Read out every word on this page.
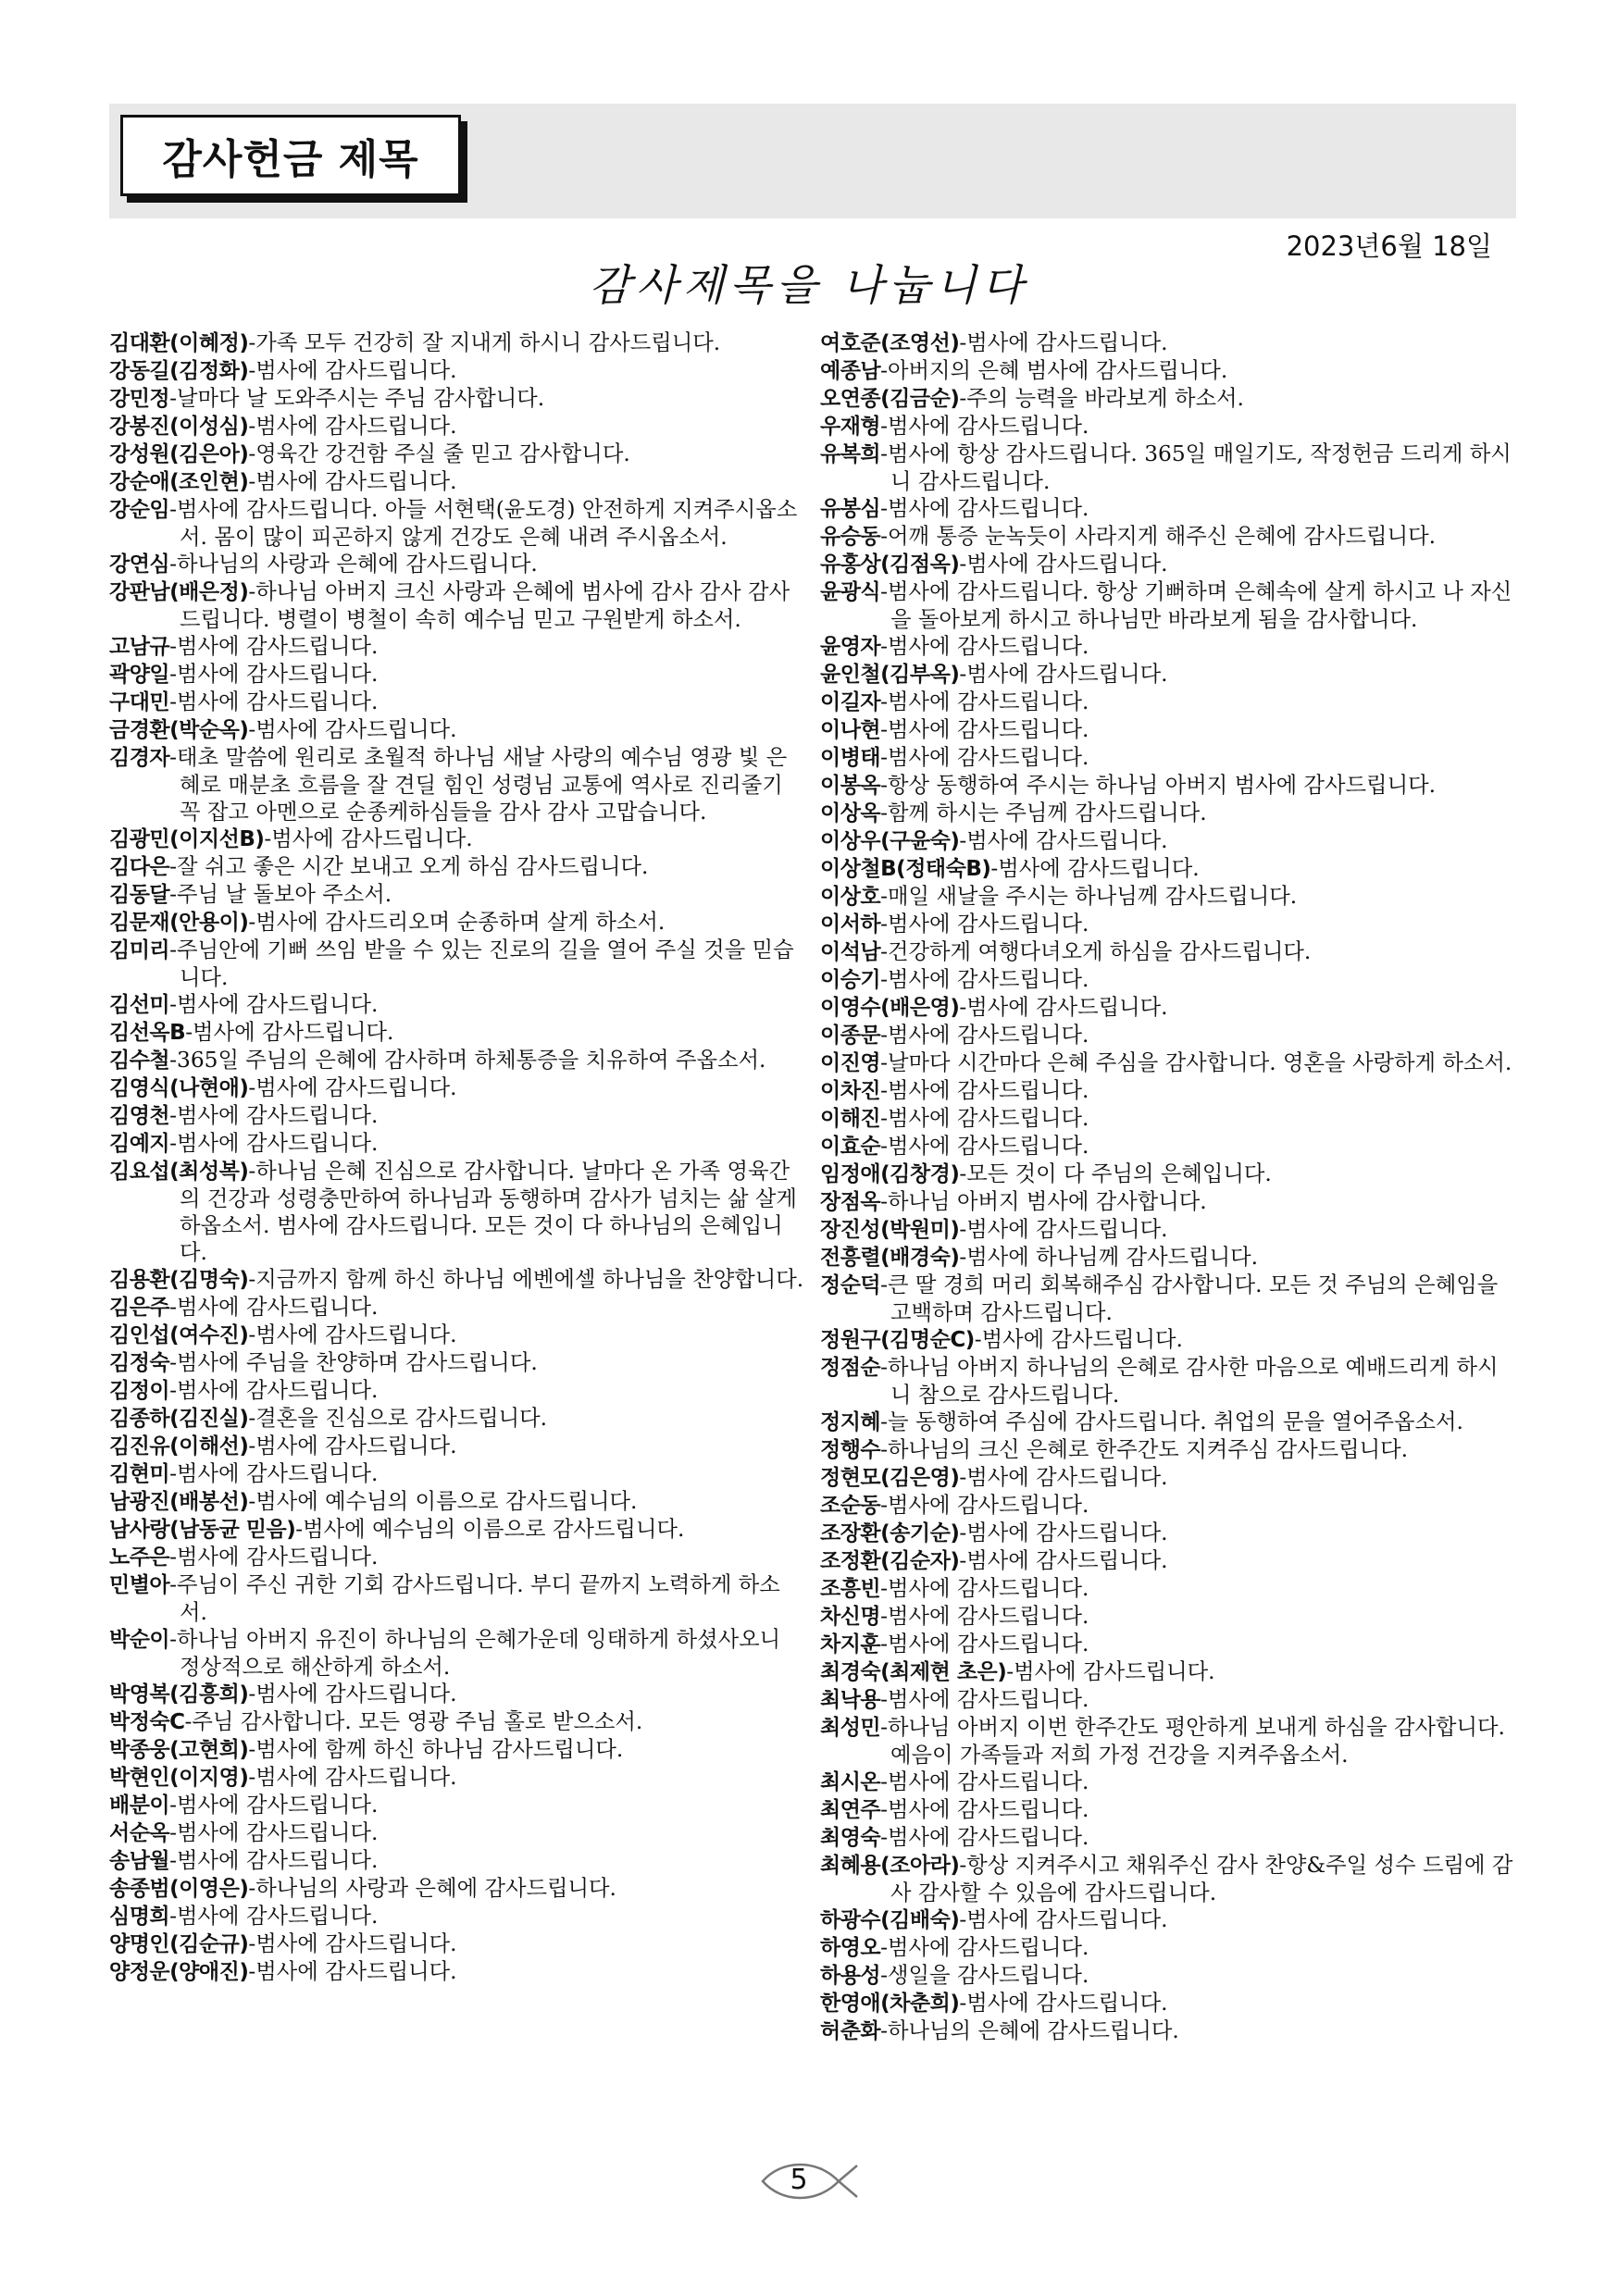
감사헌금 제목
2023년6월 18일
감사제목을 나눕니다
김대환(이혜정)-가족 모두 건강히 잘 지내게 하시니 감사드립니다.
강동길(김정화)-범사에 감사드립니다.
강민정-날마다 날 도와주시는 주님 감사합니다.
강봉진(이성심)-범사에 감사드립니다.
강성원(김은아)-영육간 강건함 주실 줄 믿고 감사합니다.
강순애(조인현)-범사에 감사드립니다.
강순임-범사에 감사드립니다. 아들 서현택(윤도경) 안전하게 지켜주시옵소서. 몸이 많이 피곤하지 않게 건강도 은혜 내려 주시옵소서.
강연심-하나님의 사랑과 은혜에 감사드립니다.
강판남(배은정)-하나님 아버지 크신 사랑과 은혜에 범사에 감사 감사 감사드립니다. 병렬이 병철이 속히 예수님 믿고 구원받게 하소서.
고남규-범사에 감사드립니다.
곽양일-범사에 감사드립니다.
구대민-범사에 감사드립니다.
금경환(박순옥)-범사에 감사드립니다.
김경자-태초 말씀에 원리로 초월적 하나님 새날 사랑의 예수님 영광 빛 은혜로 매분초 흐름을 잘 견딜 힘인 성령님 교통에 역사로 진리줄기 꼭 잡고 아멘으로 순종케하심들을 감사 감사 고맙습니다.
김광민(이지선B)-범사에 감사드립니다.
김다은-잘 쉬고 좋은 시간 보내고 오게 하심 감사드립니다.
김동달-주님 날 돌보아 주소서.
김문재(안용이)-범사에 감사드리오며 순종하며 살게 하소서.
김미리-주님안에 기뻐 쓰임 받을 수 있는 진로의 길을 열어 주실 것을 믿습니다.
김선미-범사에 감사드립니다.
김선옥B-범사에 감사드립니다.
김수철-365일 주님의 은혜에 감사하며 하체통증을 치유하여 주옵소서.
김영식(나현애)-범사에 감사드립니다.
김영천-범사에 감사드립니다.
김예지-범사에 감사드립니다.
김요섭(최성복)-하나님 은혜 진심으로 감사합니다. 날마다 온 가족 영육간의 건강과 성령충만하여 하나님과 동행하며 감사가 넘치는 삶 살게 하옵소서. 범사에 감사드립니다. 모든 것이 다 하나님의 은혜입니다.
김용환(김명숙)-지금까지 함께 하신 하나님 에벤에셀 하나님을 찬양합니다.
김은주-범사에 감사드립니다.
김인섭(여수진)-범사에 감사드립니다.
김정숙-범사에 주님을 찬양하며 감사드립니다.
김정이-범사에 감사드립니다.
김종하(김진실)-결혼을 진심으로 감사드립니다.
김진유(이해선)-범사에 감사드립니다.
김현미-범사에 감사드립니다.
남광진(배봉선)-범사에 예수님의 이름으로 감사드립니다.
남사랑(남동균 믿음)-범사에 예수님의 이름으로 감사드립니다.
노주은-범사에 감사드립니다.
민별아-주님이 주신 귀한 기회 감사드립니다. 부디 끝까지 노력하게 하소서.
박순이-하나님 아버지 유진이 하나님의 은혜가운데 잉태하게 하셨사오니 정상적으로 해산하게 하소서.
박영복(김흥희)-범사에 감사드립니다.
박정숙C-주님 감사합니다. 모든 영광 주님 홀로 받으소서.
박종웅(고현희)-범사에 함께 하신 하나님 감사드립니다.
박현인(이지영)-범사에 감사드립니다.
배분이-범사에 감사드립니다.
서순옥-범사에 감사드립니다.
송남월-범사에 감사드립니다.
송종범(이영은)-하나님의 사랑과 은혜에 감사드립니다.
심명희-범사에 감사드립니다.
양명인(김순규)-범사에 감사드립니다.
양정운(양애진)-범사에 감사드립니다.
여호준(조영선)-범사에 감사드립니다.
예종남-아버지의 은혜 범사에 감사드립니다.
오연종(김금순)-주의 능력을 바라보게 하소서.
우재형-범사에 감사드립니다.
유복희-범사에 항상 감사드립니다. 365일 매일기도, 작정헌금 드리게 하시니 감사드립니다.
유봉심-범사에 감사드립니다.
유승동-어깨 통증 눈녹듯이 사라지게 해주신 은혜에 감사드립니다.
유홍상(김점옥)-범사에 감사드립니다.
윤광식-범사에 감사드립니다. 항상 기뻐하며 은혜속에 살게 하시고 나 자신을 돌아보게 하시고 하나님만 바라보게 됨을 감사합니다.
윤영자-범사에 감사드립니다.
윤인철(김부옥)-범사에 감사드립니다.
이길자-범사에 감사드립니다.
이나현-범사에 감사드립니다.
이병태-범사에 감사드립니다.
이봉옥-항상 동행하여 주시는 하나님 아버지 범사에 감사드립니다.
이상옥-함께 하시는 주님께 감사드립니다.
이상우(구윤숙)-범사에 감사드립니다.
이상철B(정태숙B)-범사에 감사드립니다.
이상호-매일 새날을 주시는 하나님께 감사드립니다.
이서하-범사에 감사드립니다.
이석남-건강하게 여행다녀오게 하심을 감사드립니다.
이승기-범사에 감사드립니다.
이영수(배은영)-범사에 감사드립니다.
이종문-범사에 감사드립니다.
이진영-날마다 시간마다 은혜 주심을 감사합니다. 영혼을 사랑하게 하소서.
이차진-범사에 감사드립니다.
이해진-범사에 감사드립니다.
이효순-범사에 감사드립니다.
임정애(김창경)-모든 것이 다 주님의 은혜입니다.
장점옥-하나님 아버지 범사에 감사합니다.
장진성(박원미)-범사에 감사드립니다.
전흥렬(배경숙)-범사에 하나님께 감사드립니다.
정순덕-큰 딸 경희 머리 회복해주심 감사합니다. 모든 것 주님의 은혜임을 고백하며 감사드립니다.
정원구(김명순C)-범사에 감사드립니다.
정점순-하나님 아버지 하나님의 은혜로 감사한 마음으로 예배드리게 하시니 참으로 감사드립니다.
정지혜-늘 동행하여 주심에 감사드립니다. 취업의 문을 열어주옵소서.
정행수-하나님의 크신 은혜로 한주간도 지켜주심 감사드립니다.
정현모(김은영)-범사에 감사드립니다.
조순동-범사에 감사드립니다.
조장환(송기순)-범사에 감사드립니다.
조정환(김순자)-범사에 감사드립니다.
조흥빈-범사에 감사드립니다.
차신명-범사에 감사드립니다.
차지훈-범사에 감사드립니다.
최경숙(최제현 초은)-범사에 감사드립니다.
최낙용-범사에 감사드립니다.
최성민-하나님 아버지 이번 한주간도 평안하게 보내게 하심을 감사합니다. 예음이 가족들과 저희 가정 건강을 지켜주옵소서.
최시온-범사에 감사드립니다.
최연주-범사에 감사드립니다.
최영숙-범사에 감사드립니다.
최혜용(조아라)-항상 지켜주시고 채워주신 감사 찬양&주일 성수 드림에 감사 감사할 수 있음에 감사드립니다.
하광수(김배숙)-범사에 감사드립니다.
하영오-범사에 감사드립니다.
하용성-생일을 감사드립니다.
한영애(차춘희)-범사에 감사드립니다.
허춘화-하나님의 은혜에 감사드립니다.
5
